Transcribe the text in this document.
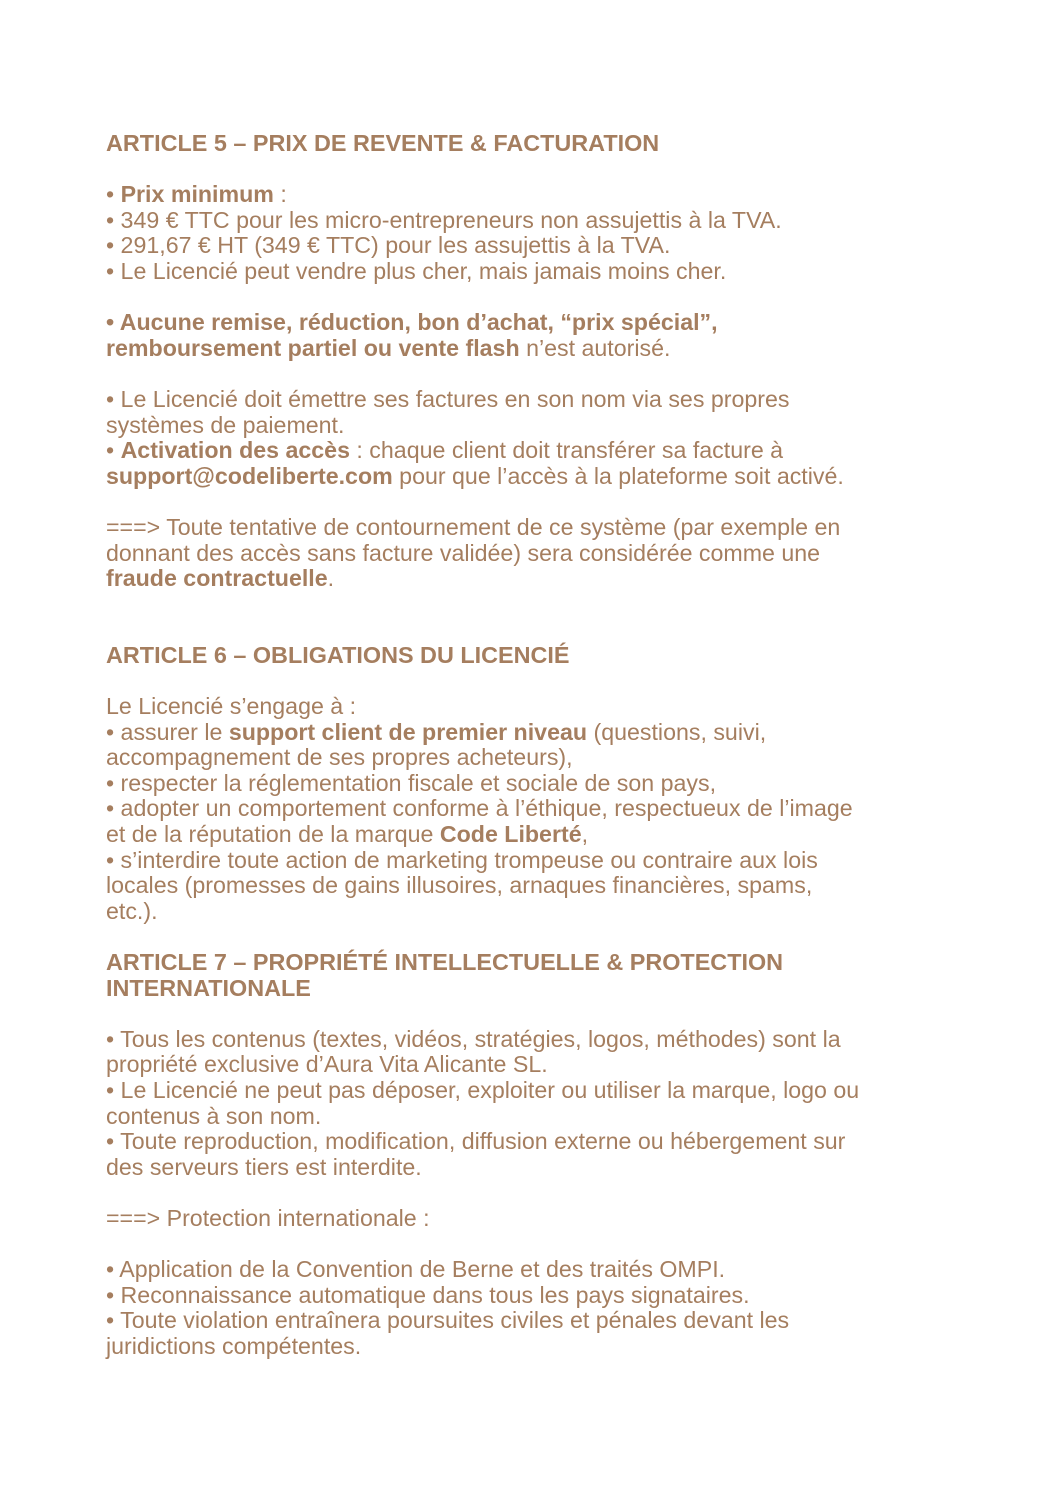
ARTICLE 5 – PRIX DE REVENTE & FACTURATION
• Prix minimum :
• 349 € TTC pour les micro-entrepreneurs non assujettis à la TVA.
• 291,67 € HT (349 € TTC) pour les assujettis à la TVA.
• Le Licencié peut vendre plus cher, mais jamais moins cher.
• Aucune remise, réduction, bon d’achat, “prix spécial”,
remboursement partiel ou vente flash n’est autorisé.
• Le Licencié doit émettre ses factures en son nom via ses propres
systèmes de paiement.
• Activation des accès : chaque client doit transférer sa facture à
support@codeliberte.com pour que l’accès à la plateforme soit activé.
===> Toute tentative de contournement de ce système (par exemple en
donnant des accès sans facture validée) sera considérée comme une
fraude contractuelle.
ARTICLE 6 – OBLIGATIONS DU LICENCIÉ
Le Licencié s’engage à :
• assurer le support client de premier niveau (questions, suivi,
accompagnement de ses propres acheteurs),
• respecter la réglementation fiscale et sociale de son pays,
• adopter un comportement conforme à l’éthique, respectueux de l’image
et de la réputation de la marque Code Liberté,
• s’interdire toute action de marketing trompeuse ou contraire aux lois
locales (promesses de gains illusoires, arnaques financières, spams,
etc.).
ARTICLE 7 – PROPRIÉTÉ INTELLECTUELLE & PROTECTION
INTERNATIONALE
• Tous les contenus (textes, vidéos, stratégies, logos, méthodes) sont la
propriété exclusive d’Aura Vita Alicante SL.
• Le Licencié ne peut pas déposer, exploiter ou utiliser la marque, logo ou
contenus à son nom.
• Toute reproduction, modification, diffusion externe ou hébergement sur
des serveurs tiers est interdite.
===> Protection internationale :
• Application de la Convention de Berne et des traités OMPI.
• Reconnaissance automatique dans tous les pays signataires.
• Toute violation entraînera poursuites civiles et pénales devant les
juridictions compétentes.
